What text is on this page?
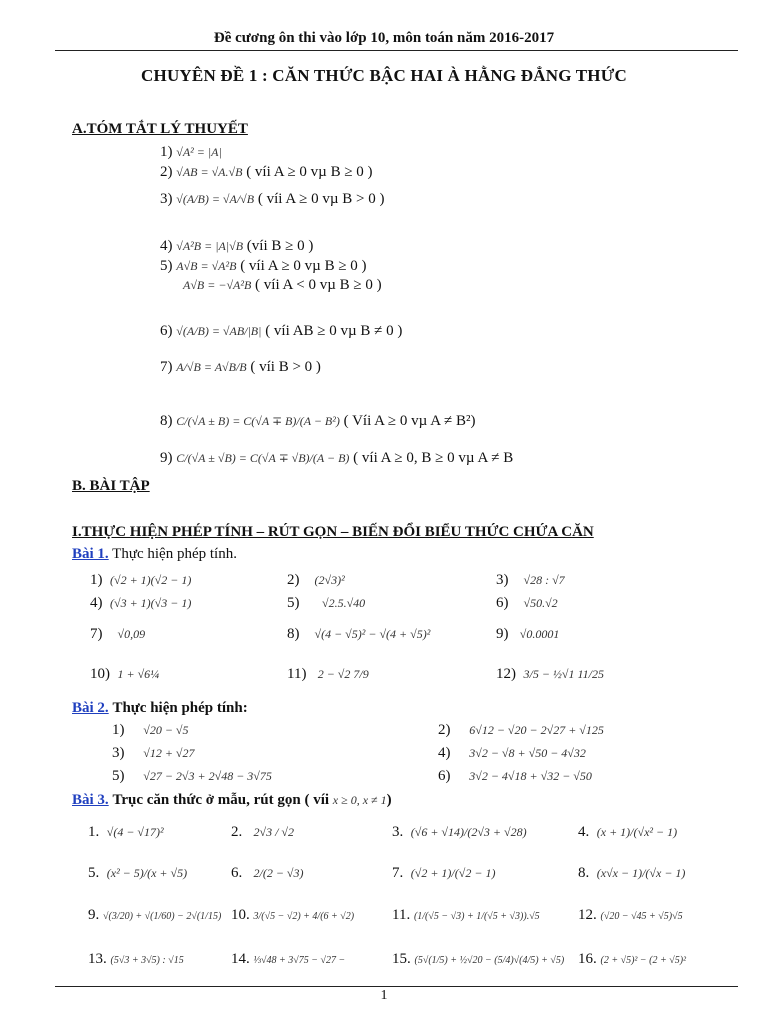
Đề cương ôn thi vào lớp 10, môn toán năm 2016-2017
CHUYÊN ĐỀ 1 : CĂN THỨC BẬC HAI À HẰNG ĐẲNG THỨC
A.TÓM TẮT LÝ THUYẾT
1) √A² = |A|
2) √AB = √A.√B ( víi A ≥ 0 vµ B ≥ 0 )
3) √(A/B) = √A/√B ( víi A ≥ 0 vµ B > 0 )
4) √A²B = |A|√B (víi B ≥ 0 )
5) A√B = √A²B ( víi A ≥ 0 vµ B ≥ 0 )
A√B = −√A²B ( víi A < 0 vµ B ≥ 0 )
6) √(A/B) = √AB/|B| ( víi AB ≥ 0 vµ B ≠ 0 )
7) A/√B = A√B/B ( víi B > 0 )
8) C/(√A ± B) = C(√A ∓ B)/(A − B²) ( Víi A ≥ 0 vµ A ≠ B²)
9) C/(√A ± √B) = C(√A ∓ √B)/(A − B) ( víi A ≥ 0, B ≥ 0 vµ A ≠ B
B. BÀI TẬP
I.THỰC HIỆN PHÉP TÍNH – RÚT GỌN – BIẾN ĐỔI BIỂU THỨC CHỨA CĂN
Bài 1. Thực hiện phép tính.
1) (√2 + 1)(√2 − 1)	2) (2√3)²	3) √28 : √7
4) (√3 + 1)(√3 − 1)	5) √2.5.√40	6) √50.√2
7) √0,09	8) √(4 − √5)² − √(4 + √5)²	9) √0.0001
10) 1 + √6¼	11) 2 − √2 7/9	12) 3/5 − ½√1 11/25
Bài 2. Thực hiện phép tính:
1) √20 − √5	2) 6√12 − √20 − 2√27 + √125
3) √12 + √27	4) 3√2 − √8 + √50 − 4√32
5) √27 − 2√3 + 2√48 − 3√75	6) 3√2 − 4√18 + √32 − √50
Bài 3. Trục căn thức ở mẫu, rút gọn ( víi x ≥ 0, x ≠ 1)
1. √(4 − √17)²	2. 2√3 / √2	3. (√6 + √14)/(2√3 + √28)	4. (x + 1)/(√x² − 1)
5. (x² − 5)/(x + √5)	6. 2/(2 − √3)	7. (√2 + 1)/(√2 − 1)	8. (x√x − 1)/(√x − 1)
9. √(3/20) + √(1/60) − 2√(1/15) 10. 3/(√5 − √2) + 4/(6 + √2)	11. (1/(√5 − √3) + 1/(√5 + √3)).√5	12. (√20 − √45 + √5)√5
13. (5√3 + 3√5) : √15	14. ⅓√48 + 3√75 − √27 −	15. (5√(1/5) + ½√20 − (5/4)√(4/5) + √5) 16. (2 + √5)² − (2 + √5)²
1
